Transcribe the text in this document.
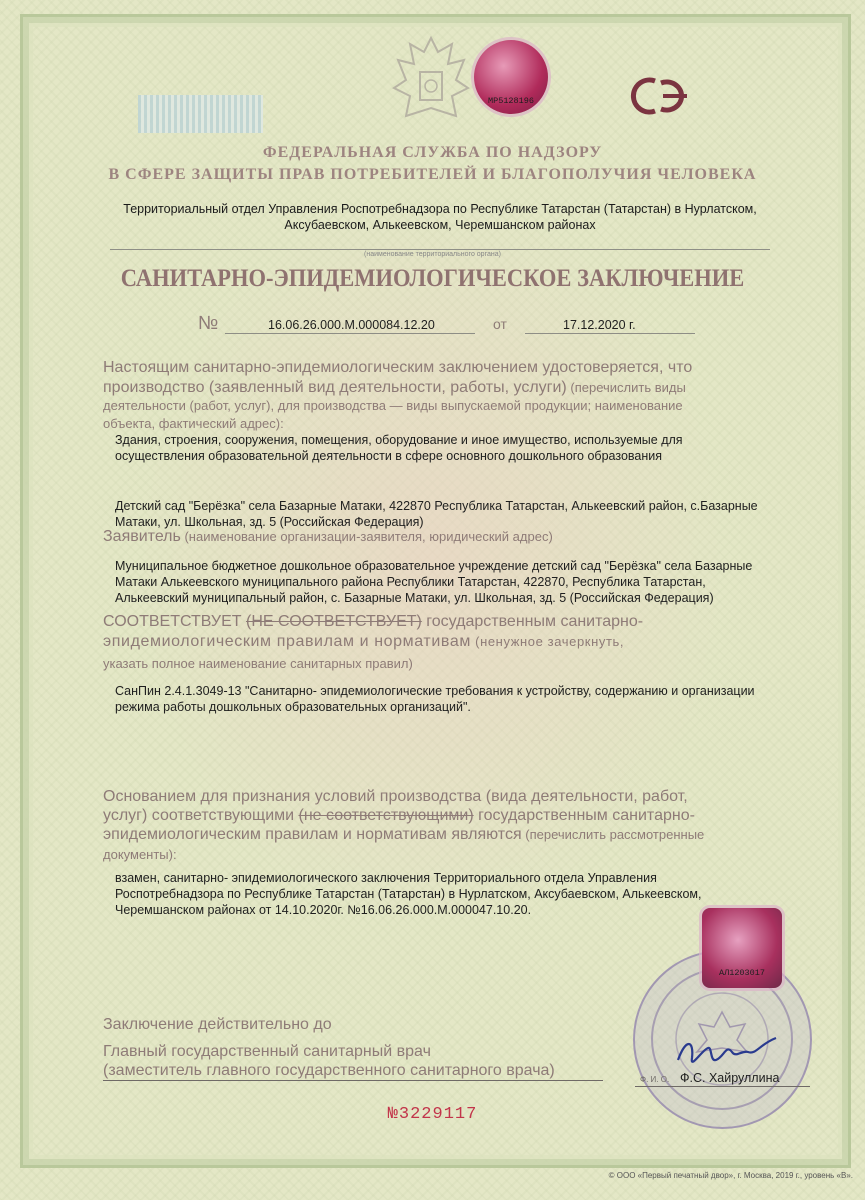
МР5128196
ФЕДЕРАЛЬНАЯ СЛУЖБА ПО НАДЗОРУ
В СФЕРЕ ЗАЩИТЫ ПРАВ ПОТРЕБИТЕЛЕЙ И БЛАГОПОЛУЧИЯ ЧЕЛОВЕКА
Территориальный отдел Управления Роспотребнадзора по Республике Татарстан (Татарстан) в Нурлатском,
Аксубаевском, Алькеевском, Черемшанском районах
(наименование территориального органа)
САНИТАРНО-ЭПИДЕМИОЛОГИЧЕСКОЕ ЗАКЛЮЧЕНИЕ
№	16.06.26.000.М.000084.12.20	от	17.12.2020 г.
Настоящим санитарно-эпидемиологическим заключением удостоверяется, что
производство (заявленный вид деятельности, работы, услуги) (перечислить виды
деятельности (работ, услуг), для производства — виды выпускаемой продукции; наименование
объекта, фактический адрес):
Здания, строения, сооружения, помещения, оборудование и иное имущество, используемые для
осуществления образовательной деятельности в сфере основного дошкольного образования
Детский сад "Берёзка" села Базарные Матаки, 422870 Республика Татарстан, Алькеевский район, с.Базарные
Матаки, ул. Школьная, зд. 5 (Российская Федерация)
Заявитель (наименование организации-заявителя, юридический адрес)
Муниципальное бюджетное дошкольное образовательное учреждение детский сад "Берёзка" села Базарные
Матаки Алькеевского муниципального района Республики Татарстан, 422870, Республика Татарстан,
Алькеевский муниципальный район, с. Базарные Матаки, ул. Школьная, зд. 5 (Российская Федерация)
СООТВЕТСТВУЕТ (НЕ СООТВЕТСТВУЕТ) государственным санитарно-
эпидемиологическим правилам и нормативам (ненужное зачеркнуть,
указать полное наименование санитарных правил)
СанПин 2.4.1.3049-13 "Санитарно- эпидемиологические требования к устройству, содержанию и организации
режима работы дошкольных образовательных организаций".
Основанием для признания условий производства (вида деятельности, работ,
услуг) соответствующими (не соответствующими) государственным санитарно-
эпидемиологическим правилам и нормативам являются (перечислить рассмотренные
документы):
взамен, санитарно- эпидемиологического заключения Территориального отдела Управления
Роспотребнадзора по Республике Татарстан (Татарстан) в Нурлатском, Аксубаевском, Алькеевском,
Черемшанском районах от 14.10.2020г. №16.06.26.000.М.000047.10.20.
АЛ1203017
Заключение действительно до
Главный государственный санитарный врач
(заместитель главного государственного санитарного врача)
Ф. И. О. Ф.С. Хайруллина
№3229117
© ООО «Первый печатный двор», г. Москва, 2019 г., уровень «В».
